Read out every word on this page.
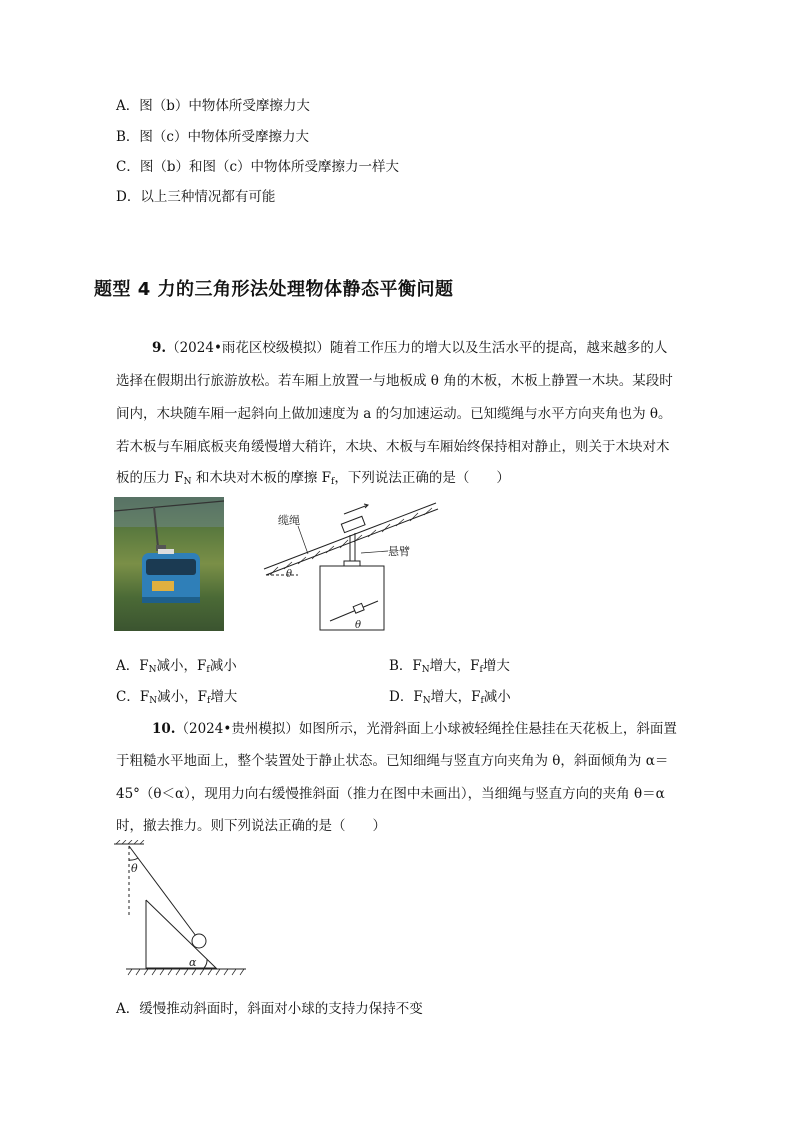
A．图（b）中物体所受摩擦力大
B．图（c）中物体所受摩擦力大
C．图（b）和图（c）中物体所受摩擦力一样大
D．以上三种情况都有可能
题型 4 力的三角形法处理物体静态平衡问题
9.（2024•雨花区校级模拟）随着工作压力的增大以及生活水平的提高，越来越多的人
选择在假期出行旅游放松。若车厢上放置一与地板成 θ 角的木板，木板上静置一木块。某段时
间内，木块随车厢一起斜向上做加速度为 a 的匀加速运动。已知缆绳与水平方向夹角也为 θ。
若木板与车厢底板夹角缓慢增大稍许，木块、木板与车厢始终保持相对静止，则关于木块对木
板的压力 $F_N$ 和木块对木板的摩擦 $F_f$，下列说法正确的是（　　）
缆绳
悬臂
θ
θ
A．$F_N$减小，$F_f$减小	B．$F_N$增大，$F_f$增大
C．$F_N$减小，$F_f$增大	D．$F_N$增大，$F_f$减小
10.（2024•贵州模拟）如图所示，光滑斜面上小球被轻绳拴住悬挂在天花板上，斜面置
于粗糙水平地面上，整个装置处于静止状态。已知细绳与竖直方向夹角为 θ，斜面倾角为 α＝
45°（θ＜α），现用力向右缓慢推斜面（推力在图中未画出），当细绳与竖直方向的夹角 θ＝α
时，撤去推力。则下列说法正确的是（　　）
θ
α
A．缓慢推动斜面时，斜面对小球的支持力保持不变
